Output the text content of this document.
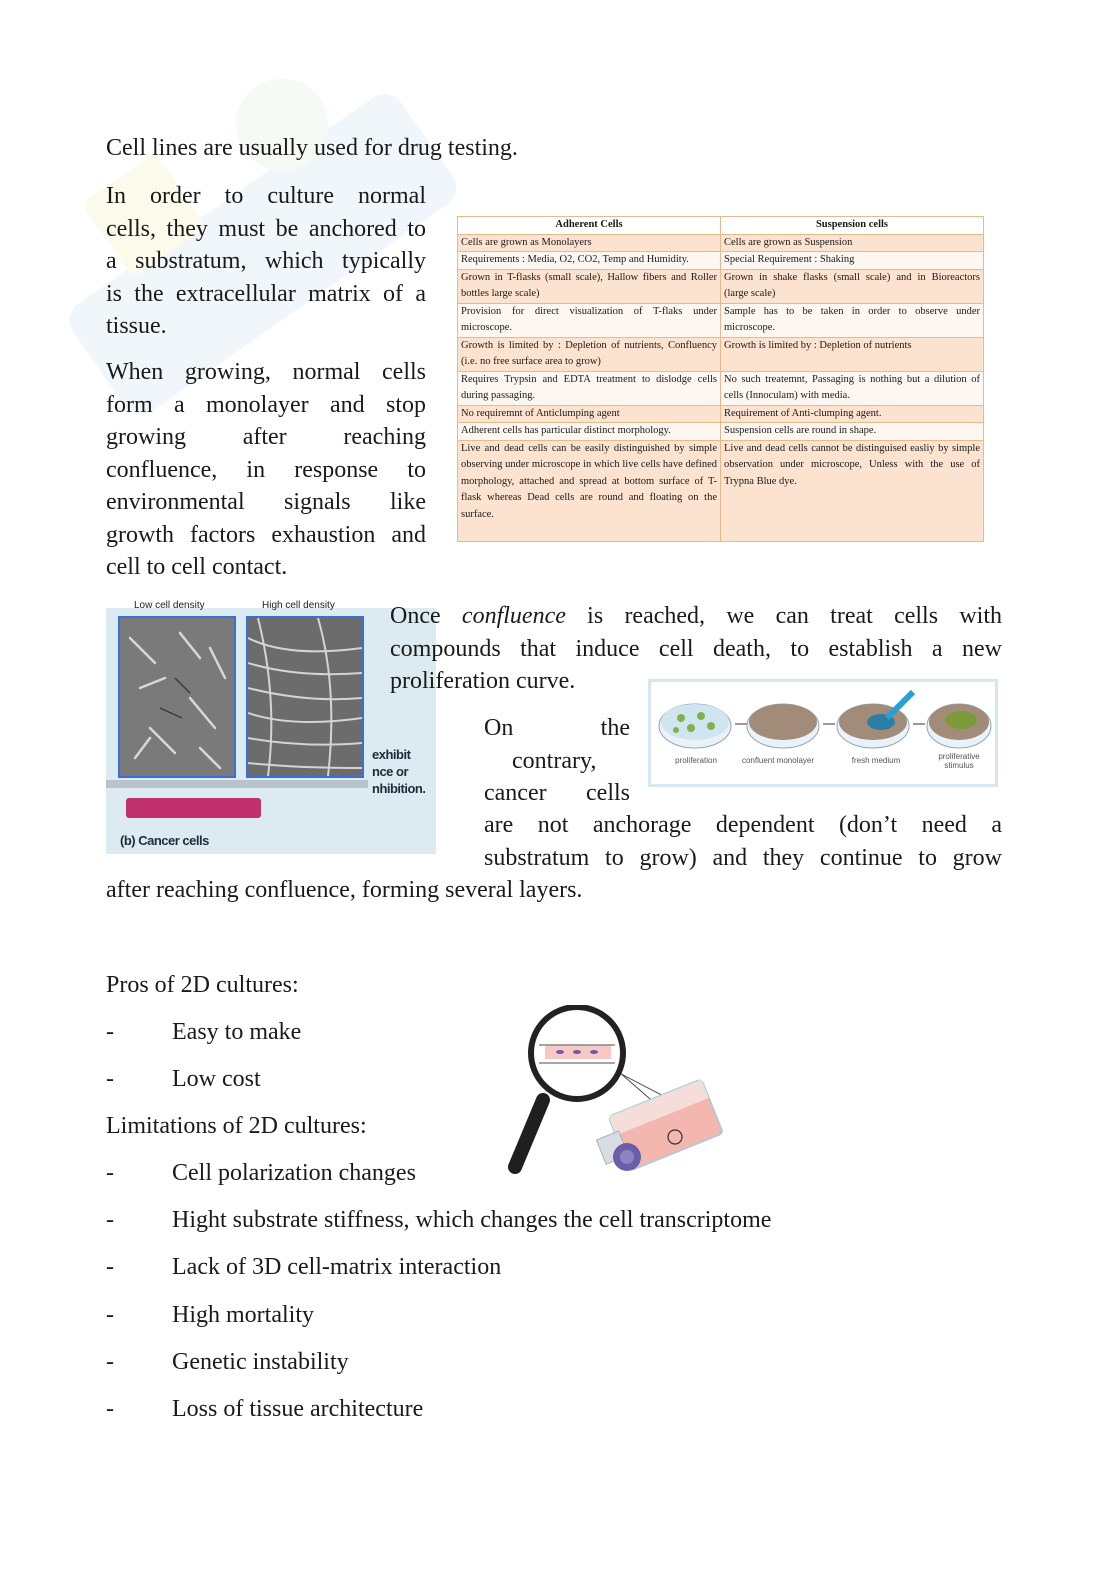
Cell lines are usually used for drug testing.

In order to culture normal
cells, they must be anchored to
a substratum, which typically
is the extracellular matrix of a
tissue.
When growing, normal cells
form a monolayer and stop
growing after reaching
confluence, in response to
environmental signals like
growth factors exhaustion and
cell to cell contact.
Adherent Cells	Suspension cells
Cells are grown as Monolayers	Cells are grown as Suspension
Requirements : Media, O2, CO2, Temp and Humidity.	Special Requirement : Shaking
Grown in T-flasks (small scale), Hallow fibers and Roller bottles large scale)	Grown in shake flasks (small scale) and in Bioreactors (large scale)
Provision for direct visualization of T-flaks under microscope.	Sample has to be taken in order to observe under microscope.
Growth is limited by : Depletion of nutrients, Confluency (i.e. no free surface area to grow)	Growth is limited by : Depletion of nutrients
Requires Trypsin and EDTA treatment to dislodge cells during passaging.	No such treatemnt, Passaging is nothing but a dilution of cells (Innoculam) with media.
No requiremnt of Anticlumping agent	Requirement of Anti-clumping agent.
Adherent cells has particular distinct morphology.	Suspension cells are round in shape.
Live and dead cells can be easily distinguished by simple observing under microscope in which live cells have defined morphology, attached and spread at bottom surface of T-flask whereas Dead cells are round and floating on the surface.	Live and dead cells cannot be distinguised easliy by simple observation under microscope, Unless with the use of Trypna Blue dye.
Low cell density	High cell density
exhibit
nce or
nhibition.
(b) Cancer cells
Once confluence is reached, we can treat cells with
compounds that induce cell death, to establish a new

proliferation curve.

proliferation	confluent monolayer	fresh medium	proliferative stimulus
On	the
contrary,
cancer cells
are not anchorage dependent (don’t need a
substratum to grow) and they continue to grow

after reaching confluence, forming several layers.

Pros of 2D cultures:

- Easy to make
- Low cost

Limitations of 2D cultures:

- Cell polarization changes
- Hight substrate stiffness, which changes the cell transcriptome
- Lack of 3D cell-matrix interaction
- High mortality
- Genetic instability
- Loss of tissue architecture
